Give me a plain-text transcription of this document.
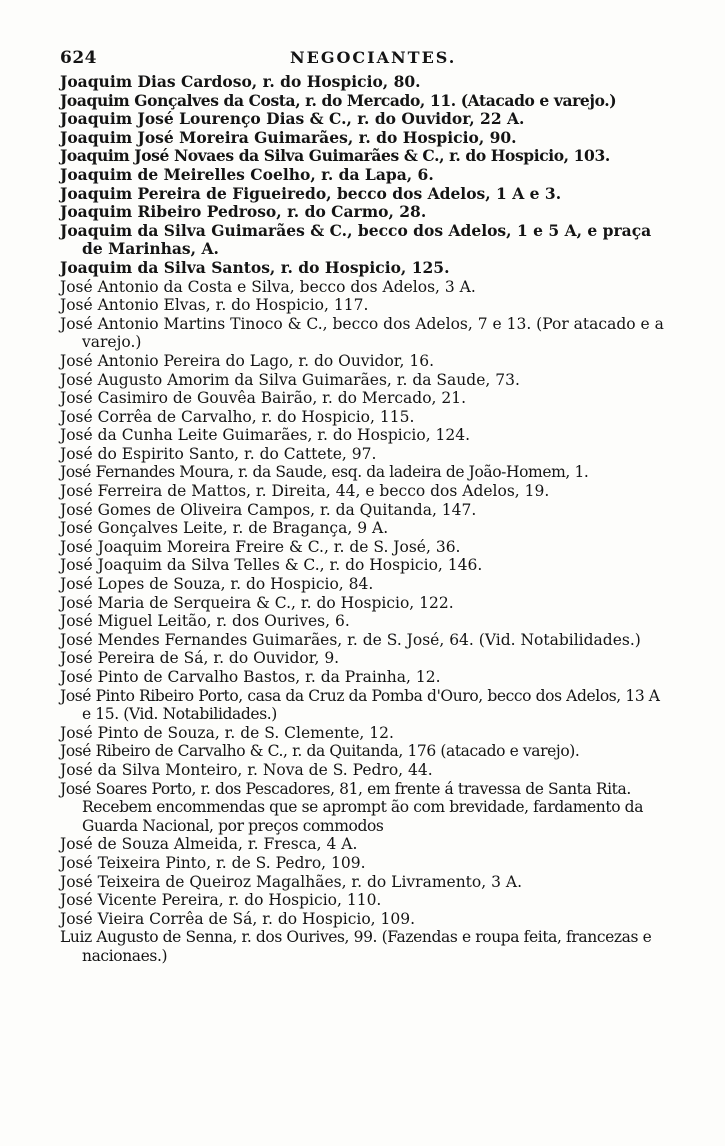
624	NEGOCIANTES.
Joaquim Dias Cardoso, r. do Hospicio, 80.
Joaquim Gonçalves da Costa, r. do Mercado, 11. (Atacado e varejo.)
Joaquim José Lourenço Dias & C., r. do Ouvidor, 22 A.
Joaquim José Moreira Guimarães, r. do Hospicio, 90.
Joaquim José Novaes da Silva Guimarães & C., r. do Hospicio, 103.
Joaquim de Meirelles Coelho, r. da Lapa, 6.
Joaquim Pereira de Figueiredo, becco dos Adelos, 1 A e 3.
Joaquim Ribeiro Pedroso, r. do Carmo, 28.
Joaquim da Silva Guimarães & C., becco dos Adelos, 1 e 5 A, e praça de Marinhas, A.
Joaquim da Silva Santos, r. do Hospicio, 125.
José Antonio da Costa e Silva, becco dos Adelos, 3 A.
José Antonio Elvas, r. do Hospicio, 117.
José Antonio Martins Tinoco & C., becco dos Adelos, 7 e 13. (Por atacado e a varejo.)
José Antonio Pereira do Lago, r. do Ouvidor, 16.
José Augusto Amorim da Silva Guimarães, r. da Saude, 73.
José Casimiro de Gouvêa Bairão, r. do Mercado, 21.
José Corrêa de Carvalho, r. do Hospicio, 115.
José da Cunha Leite Guimarães, r. do Hospicio, 124.
José do Espirito Santo, r. do Cattete, 97.
José Fernandes Moura, r. da Saude, esq. da ladeira de João-Homem, 1.
José Ferreira de Mattos, r. Direita, 44, e becco dos Adelos, 19.
José Gomes de Oliveira Campos, r. da Quitanda, 147.
José Gonçalves Leite, r. de Bragança, 9 A.
José Joaquim Moreira Freire & C., r. de S. José, 36.
José Joaquim da Silva Telles & C., r. do Hospicio, 146.
José Lopes de Souza, r. do Hospicio, 84.
José Maria de Serqueira & C., r. do Hospicio, 122.
José Miguel Leitão, r. dos Ourives, 6.
José Mendes Fernandes Guimarães, r. de S. José, 64. (Vid. Notabilidades.)
José Pereira de Sá, r. do Ouvidor, 9.
José Pinto de Carvalho Bastos, r. da Prainha, 12.
José Pinto Ribeiro Porto, casa da Cruz da Pomba d'Ouro, becco dos Adelos, 13 A e 15. (Vid. Notabilidades.)
José Pinto de Souza, r. de S. Clemente, 12.
José Ribeiro de Carvalho & C., r. da Quitanda, 176 (atacado e varejo).
José da Silva Monteiro, r. Nova de S. Pedro, 44.
José Soares Porto, r. dos Pescadores, 81, em frente á travessa de Santa Rita. Recebem encommendas que se aprompt ão com brevidade, fardamento da Guarda Nacional, por preços commodos
José de Souza Almeida, r. Fresca, 4 A.
José Teixeira Pinto, r. de S. Pedro, 109.
José Teixeira de Queiroz Magalhães, r. do Livramento, 3 A.
José Vicente Pereira, r. do Hospicio, 110.
José Vieira Corrêa de Sá, r. do Hospicio, 109.
Luiz Augusto de Senna, r. dos Ourives, 99. (Fazendas e roupa feita, francezas e nacionaes.)
